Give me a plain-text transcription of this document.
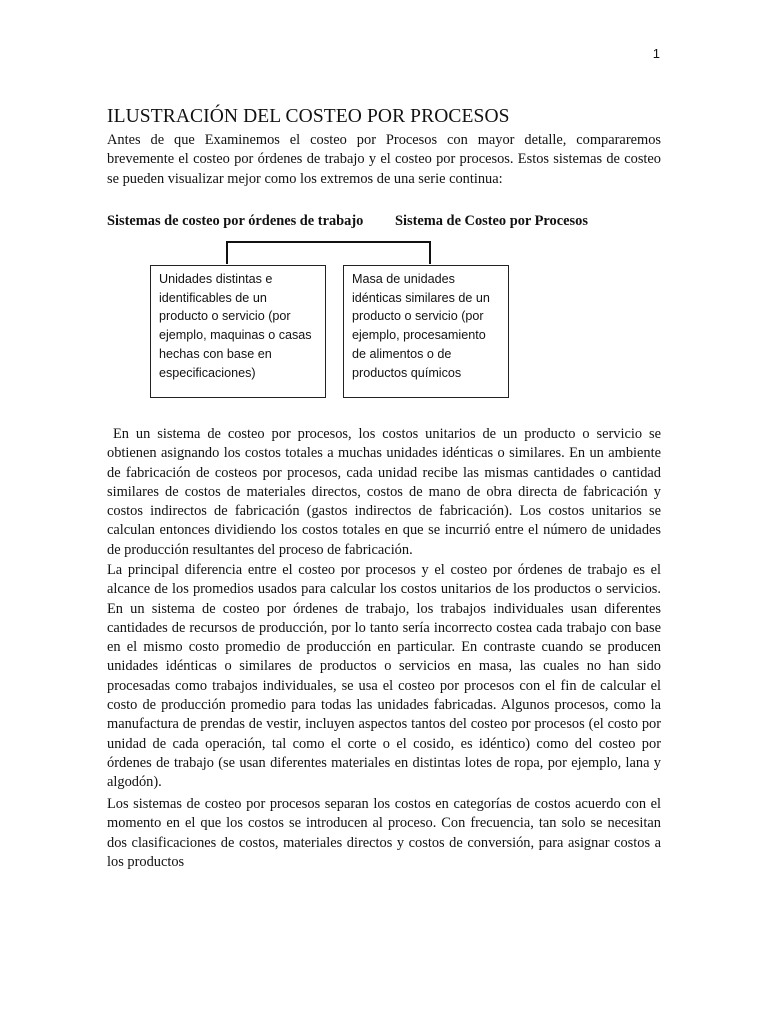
1
ILUSTRACIÓN DEL COSTEO POR PROCESOS

Antes de que Examinemos el costeo por Procesos con mayor detalle, compararemos brevemente el costeo por órdenes de trabajo y el costeo por procesos. Estos sistemas de costeo se pueden visualizar mejor como los extremos de una serie continua:

Sistemas de costeo por órdenes de trabajo Sistema de Costeo por Procesos
Unidades distintas e identificables de un producto o servicio (por ejemplo, maquinas o casas hechas con base en especificaciones)
Masa de unidades idénticas similares de un producto o servicio (por ejemplo, procesamiento de alimentos o de productos químicos

En un sistema de costeo por procesos, los costos unitarios de un producto o servicio se obtienen asignando los costos totales a muchas unidades idénticas o similares. En un ambiente de fabricación de costeos por procesos, cada unidad recibe las mismas cantidades o cantidad similares de costos de materiales directos, costos de mano de obra directa de fabricación y costos indirectos de fabricación (gastos indirectos de fabricación). Los costos unitarios se calculan entonces dividiendo los costos totales en que se incurrió entre el número de unidades de producción resultantes del proceso de fabricación.

La principal diferencia entre el costeo por procesos y el costeo por órdenes de trabajo es el alcance de los promedios usados para calcular los costos unitarios de los productos o servicios. En un sistema de costeo por órdenes de trabajo, los trabajos individuales usan diferentes cantidades de recursos de producción, por lo tanto sería incorrecto costea cada trabajo con base en el mismo costo promedio de producción en particular. En contraste cuando se producen unidades idénticas o similares de productos o servicios en masa, las cuales no han sido procesadas como trabajos individuales, se usa el costeo por procesos con el fin de calcular el costo de producción promedio para todas las unidades fabricadas. Algunos procesos, como la manufactura de prendas de vestir, incluyen aspectos tantos del costeo por procesos (el costo por unidad de cada operación, tal como el corte o el cosido, es idéntico) como del costeo por órdenes de trabajo (se usan diferentes materiales en distintas lotes de ropa, por ejemplo, lana y algodón).

Los sistemas de costeo por procesos separan los costos en categorías de costos acuerdo con el momento en el que los costos se introducen al proceso. Con frecuencia, tan solo se necesitan dos clasificaciones de costos, materiales directos y costos de conversión, para asignar costos a los productos
